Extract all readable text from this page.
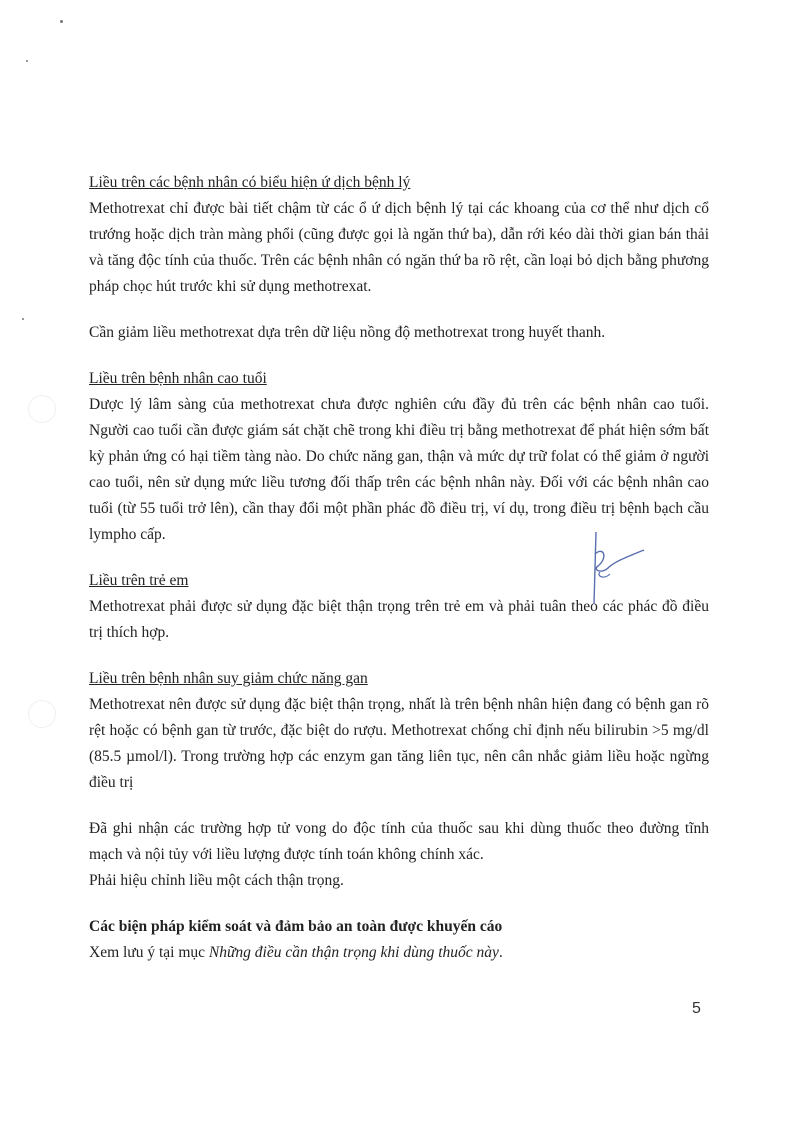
Liều trên các bệnh nhân có biểu hiện ứ dịch bệnh lý

Methotrexat chỉ được bài tiết chậm từ các ổ ứ dịch bệnh lý tại các khoang của cơ thể như dịch cổ trướng hoặc dịch tràn màng phổi (cũng được gọi là ngăn thứ ba), dẫn rới kéo dài thời gian bán thải và tăng độc tính của thuốc. Trên các bệnh nhân có ngăn thứ ba rõ rệt, cần loại bỏ dịch bằng phương pháp chọc hút trước khi sử dụng methotrexat.

Cần giảm liều methotrexat dựa trên dữ liệu nồng độ methotrexat trong huyết thanh.

Liều trên bệnh nhân cao tuổi

Dược lý lâm sàng của methotrexat chưa được nghiên cứu đầy đủ trên các bệnh nhân cao tuổi. Người cao tuổi cần được giám sát chặt chẽ trong khi điều trị bằng methotrexat để phát hiện sớm bất kỳ phản ứng có hại tiềm tàng nào. Do chức năng gan, thận và mức dự trữ folat có thể giảm ở người cao tuổi, nên sử dụng mức liều tương đối thấp trên các bệnh nhân này. Đối với các bệnh nhân cao tuổi (từ 55 tuổi trở lên), cần thay đổi một phần phác đồ điều trị, ví dụ, trong điều trị bệnh bạch cầu lympho cấp.

Liều trên trẻ em

Methotrexat phải được sử dụng đặc biệt thận trọng trên trẻ em và phải tuân theo các phác đồ điều trị thích hợp.

Liều trên bệnh nhân suy giảm chức năng gan

Methotrexat nên được sử dụng đặc biệt thận trọng, nhất là trên bệnh nhân hiện đang có bệnh gan rõ rệt hoặc có bệnh gan từ trước, đặc biệt do rượu. Methotrexat chống chỉ định nếu bilirubin >5 mg/dl (85.5 µmol/l). Trong trường hợp các enzym gan tăng liên tục, nên cân nhắc giảm liều hoặc ngừng điều trị

Đã ghi nhận các trường hợp tử vong do độc tính của thuốc sau khi dùng thuốc theo đường tĩnh mạch và nội tủy với liều lượng được tính toán không chính xác.

Phải hiệu chỉnh liều một cách thận trọng.

Các biện pháp kiểm soát và đảm bảo an toàn được khuyến cáo

Xem lưu ý tại mục Những điều cần thận trọng khi dùng thuốc này.

5
